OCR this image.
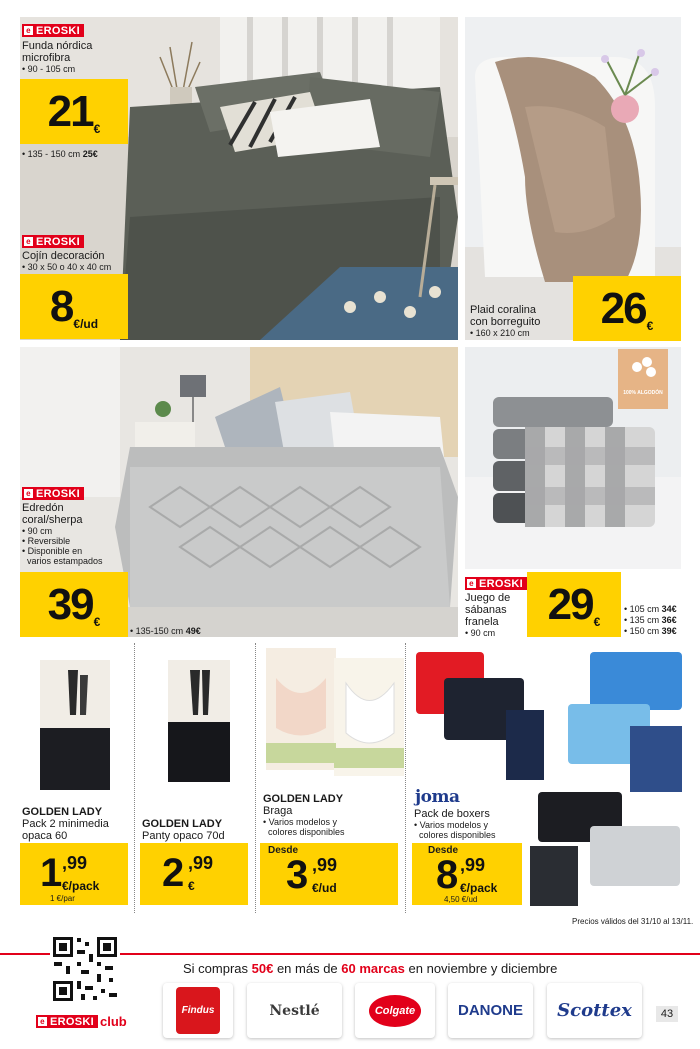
e EROSKI
Funda nórdica microfibra
• 90 - 105 cm
21 €
• 135 - 150 cm 25€
e EROSKI
Cojín decoración
• 30 x 50 o 40 x 40 cm
8 €/ud
Plaid coralina
con borreguito
• 160 x 210 cm
26 €
e EROSKI
Edredón
coral/sherpa
• 90 cm
• Reversible
• Disponible en
varios estampados
39 €
• 135-150 cm 49€
100% ALGODÓN
e EROSKI
Juego de
sábanas
franela
• 90 cm
29 €
• 105 cm 34€
• 135 cm 36€
• 150 cm 39€
GOLDEN LADY
Pack 2 minimedia
opaca 60
1 ,99
€/pack
1 €/par
GOLDEN LADY
Panty opaco 70d
2 ,99
€
GOLDEN LADY
Braga
• Varios modelos y
colores disponibles
Desde
3 ,99
€/ud
joma
Pack de boxers
• Varios modelos y
colores disponibles
Desde
8 ,99
€/pack
4,50 €/ud
Precios válidos del 31/10 al 13/11.
e EROSKI club
Si compras 50€ en más de 60 marcas en noviembre y diciembre
Findus	Nestlé	Colgate	DANONE Scottex	43
